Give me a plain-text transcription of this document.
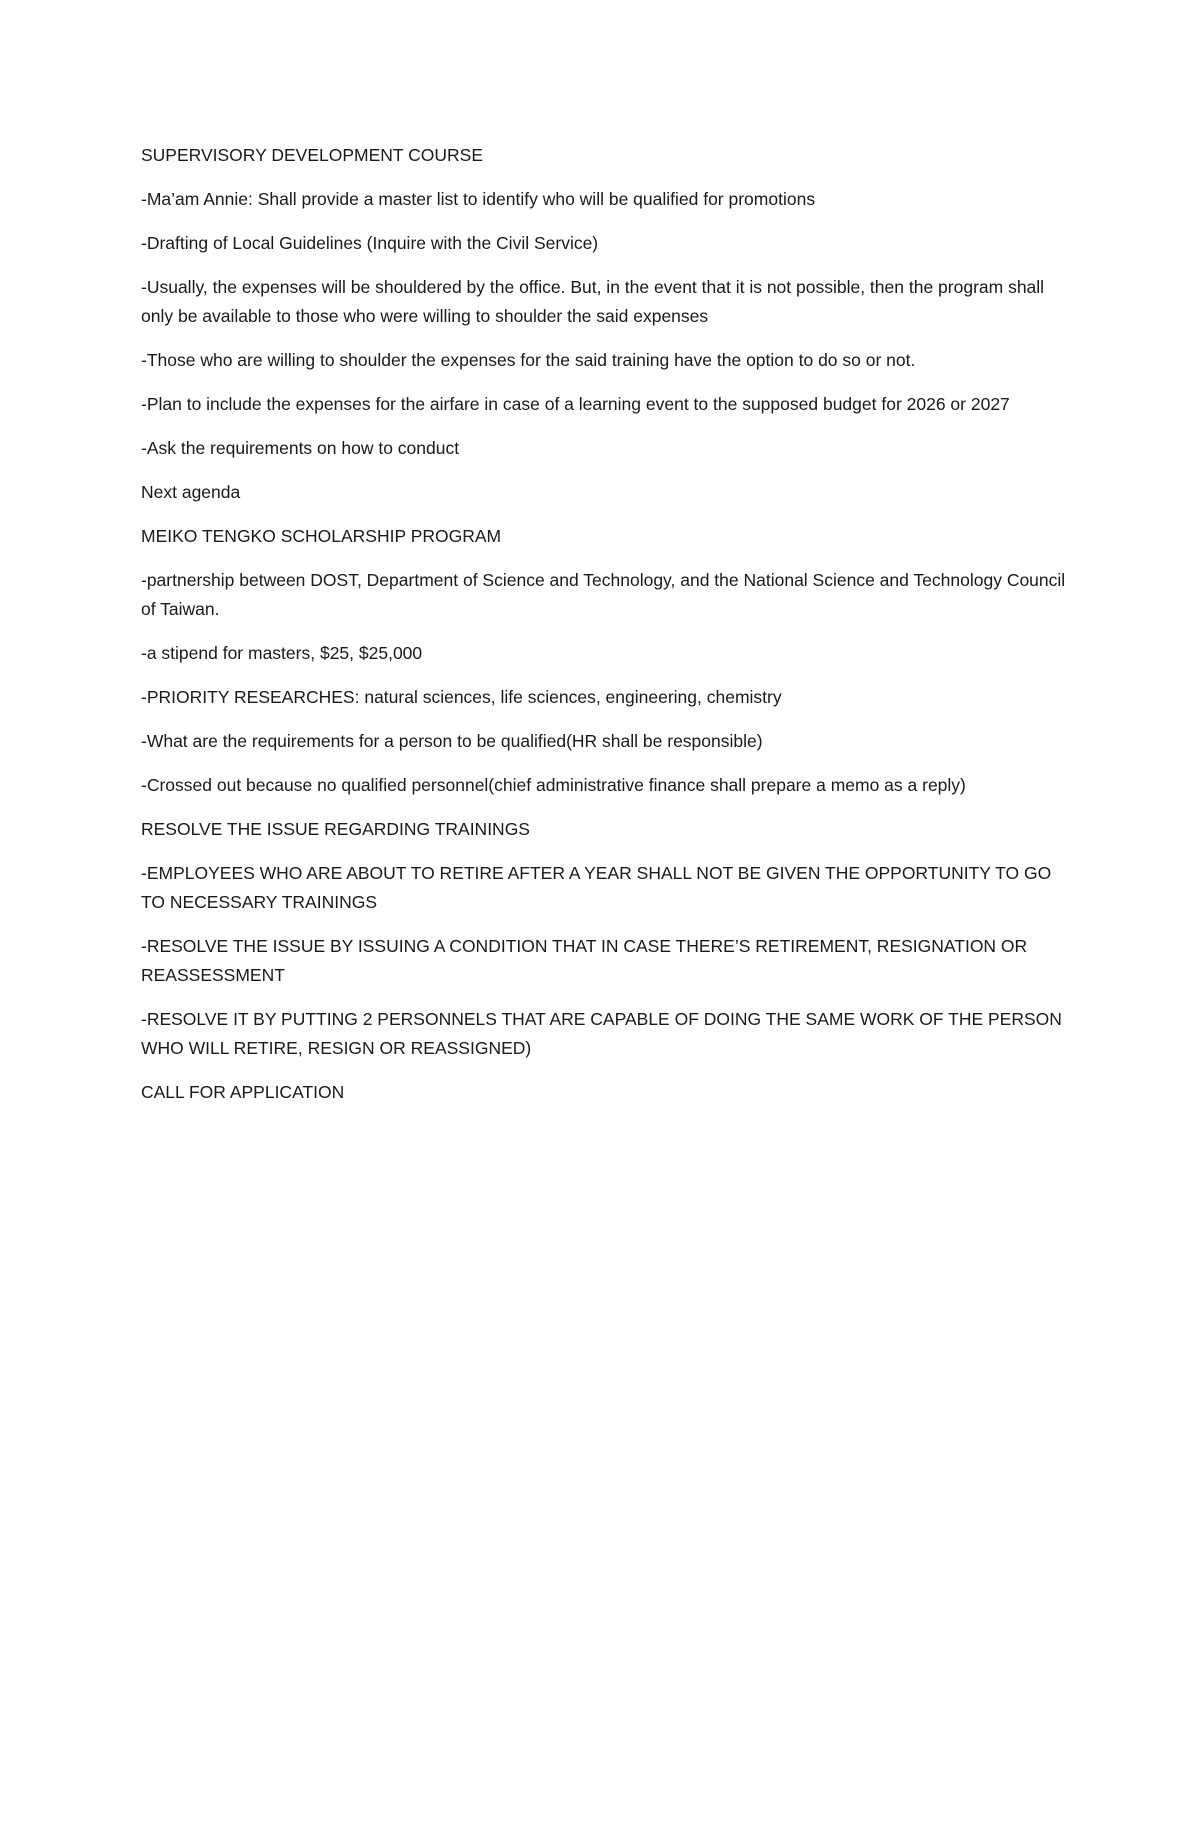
SUPERVISORY DEVELOPMENT COURSE

-Ma’am Annie: Shall provide a master list to identify who will be qualified for promotions

-Drafting of Local Guidelines (Inquire with the Civil Service)

-Usually, the expenses will be shouldered by the office. But, in the event that it is not possible, then the program shall only be available to those who were willing to shoulder the said expenses

-Those who are willing to shoulder the expenses for the said training have the option to do so or not.

-Plan to include the expenses for the airfare in case of a learning event to the supposed budget for 2026 or 2027

-Ask the requirements on how to conduct

Next agenda

MEIKO TENGKO SCHOLARSHIP PROGRAM

-partnership between DOST, Department of Science and Technology, and the National Science and Technology Council of Taiwan.

-a stipend for masters, $25, $25,000

-PRIORITY RESEARCHES: natural sciences, life sciences, engineering, chemistry

-What are the requirements for a person to be qualified(HR shall be responsible)

-Crossed out because no qualified personnel(chief administrative finance shall prepare a memo as a reply)

RESOLVE THE ISSUE REGARDING TRAININGS

-EMPLOYEES WHO ARE ABOUT TO RETIRE AFTER A YEAR SHALL NOT BE GIVEN THE OPPORTUNITY TO GO TO NECESSARY TRAININGS

-RESOLVE THE ISSUE BY ISSUING A CONDITION THAT IN CASE THERE’S RETIREMENT, RESIGNATION OR REASSESSMENT

-RESOLVE IT BY PUTTING 2 PERSONNELS THAT ARE CAPABLE OF DOING THE SAME WORK OF THE PERSON WHO WILL RETIRE, RESIGN OR REASSIGNED)

CALL FOR APPLICATION
